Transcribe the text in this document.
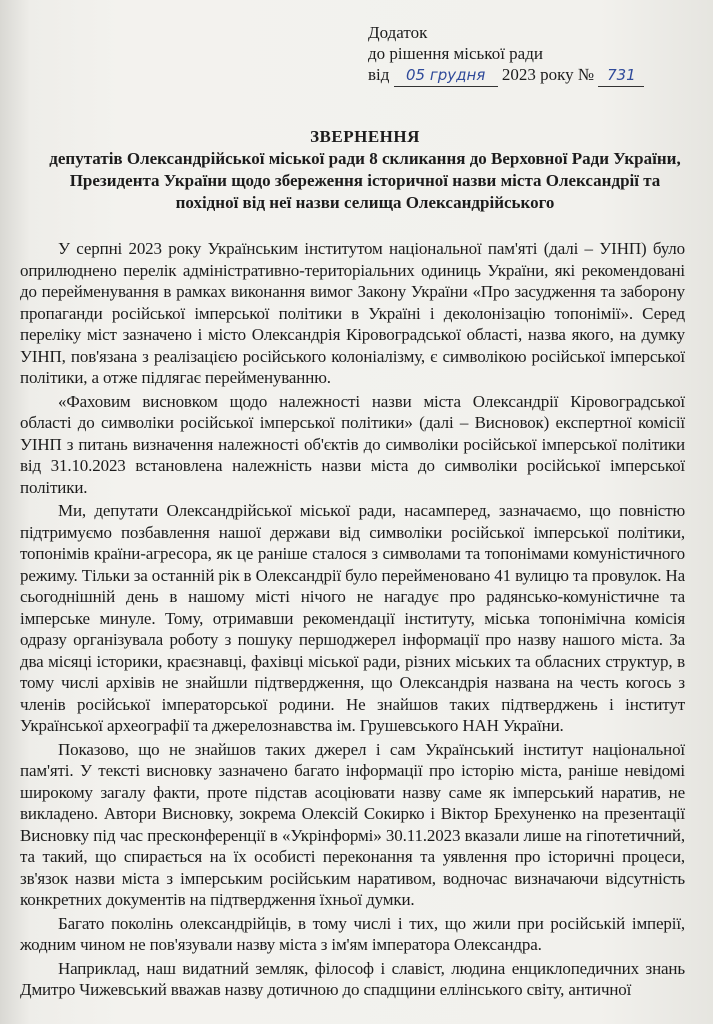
Додаток
до рішення міської ради
від 05 грудня 2023 року № 731
ЗВЕРНЕННЯ
депутатів Олександрійської міської ради 8 скликання до Верховної Ради України,
Президента України щодо збереження історичної назви міста Олександрії та
похідної від неї назви селища Олександрійського

У серпні 2023 року Українським інститутом національної пам'яті (далі – УІНП) було оприлюднено перелік адміністративно-територіальних одиниць України, які рекомендовані до перейменування в рамках виконання вимог Закону України «Про засудження та заборону пропаганди російської імперської політики в Україні і деколонізацію топонімії». Серед переліку міст зазначено і місто Олександрія Кіровоградської області, назва якого, на думку УІНП, пов'язана з реалізацією російського колоніалізму, є символікою російської імперської політики, а отже підлягає перейменуванню.

«Фаховим висновком щодо належності назви міста Олександрії Кіровоградської області до символіки російської імперської політики» (далі – Висновок) експертної комісії УІНП з питань визначення належності об'єктів до символіки російської імперської політики від 31.10.2023 встановлена належність назви міста до символіки російської імперської політики.

Ми, депутати Олександрійської міської ради, насамперед, зазначаємо, що повністю підтримуємо позбавлення нашої держави від символіки російської імперської політики, топонімів країни-агресора, як це раніше сталося з символами та топонімами комуністичного режиму. Тільки за останній рік в Олександрії було перейменовано 41 вулицю та провулок. На сьогоднішній день в нашому місті нічого не нагадує про радянсько-комуністичне та імперське минуле. Тому, отримавши рекомендації інституту, міська топонімічна комісія одразу організувала роботу з пошуку першоджерел інформації про назву нашого міста. За два місяці історики, краєзнавці, фахівці міської ради, різних міських та обласних структур, в тому числі архівів не знайшли підтвердження, що Олександрія названа на честь когось з членів російської імператорської родини. Не знайшов таких підтверджень і інститут Української археографії та джерелознавства ім. Грушевського НАН України.

Показово, що не знайшов таких джерел і сам Український інститут національної пам'яті. У тексті висновку зазначено багато інформації про історію міста, раніше невідомі широкому загалу факти, проте підстав асоціювати назву саме як імперський наратив, не викладено. Автори Висновку, зокрема Олексій Сокирко і Віктор Брехуненко на презентації Висновку під час пресконференції в «Укрінформі» 30.11.2023 вказали лише на гіпотетичний, та такий, що спирається на їх особисті переконання та уявлення про історичні процеси, зв'язок назви міста з імперським російським наративом, водночас визначаючи відсутність конкретних документів на підтвердження їхньої думки.

Багато поколінь олександрійців, в тому числі і тих, що жили при російській імперії, жодним чином не пов'язували назву міста з ім'ям імператора Олександра.

Наприклад, наш видатний земляк, філософ і славіст, людина енциклопедичних знань Дмитро Чижевський вважав назву дотичною до спадщини еллінського світу, античної
